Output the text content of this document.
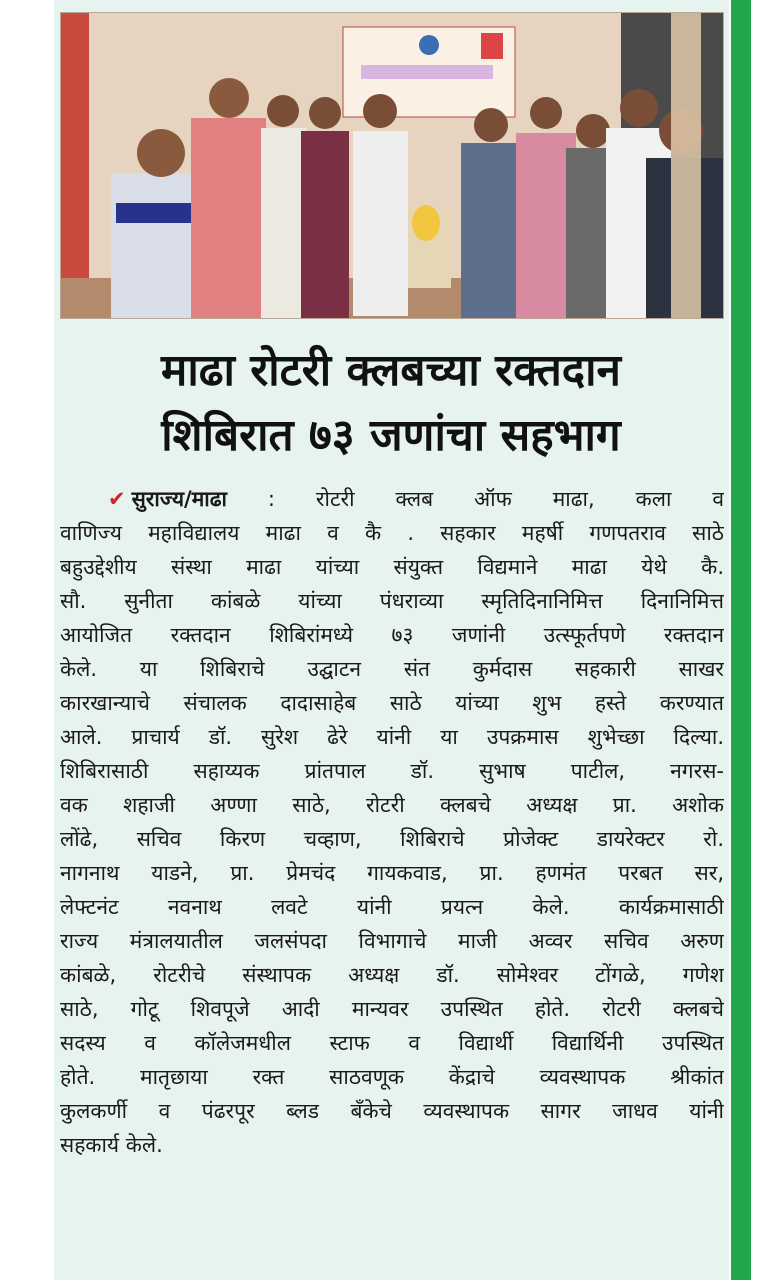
माढा रोटरी क्लबच्या रक्तदान
शिबिरात ७३ जणांचा सहभाग
✔ सुराज्य/माढा : रोटरी क्लब ऑफ माढा, कला व
वाणिज्य महाविद्यालय माढा व कै . सहकार महर्षी गणपतराव साठे
बहुउद्देशीय संस्था माढा यांच्या संयुक्त विद्यमाने माढा येथे कै.
सौ. सुनीता कांबळे यांच्या पंधराव्या स्मृतिदिनानिमित्त दिनानिमित्त
आयोजित रक्तदान शिबिरांमध्ये ७३ जणांनी उत्स्फूर्तपणे रक्तदान
केले. या शिबिराचे उद्घाटन संत कुर्मदास सहकारी साखर
कारखान्याचे संचालक दादासाहेब साठे यांच्या शुभ हस्ते करण्यात
आले. प्राचार्य डॉ. सुरेश ढेरे यांनी या उपक्रमास शुभेच्छा दिल्या.
शिबिरासाठी सहाय्यक प्रांतपाल डॉ. सुभाष पाटील, नगरस-
वक शहाजी अण्णा साठे, रोटरी क्लबचे अध्यक्ष प्रा. अशोक
लोंढे, सचिव किरण चव्हाण, शिबिराचे प्रोजेक्ट डायरेक्टर रो.
नागनाथ याडने, प्रा. प्रेमचंद गायकवाड, प्रा. हणमंत परबत सर,
लेफ्टनंट नवनाथ लवटे यांनी प्रयत्न केले. कार्यक्रमासाठी
राज्य मंत्रालयातील जलसंपदा विभागाचे माजी अव्वर सचिव अरुण
कांबळे, रोटरीचे संस्थापक अध्यक्ष डॉ. सोमेश्वर टोंगळे, गणेश
साठे, गोटू शिवपूजे आदी मान्यवर उपस्थित होते. रोटरी क्लबचे
सदस्य व कॉलेजमधील स्टाफ व विद्यार्थी विद्यार्थिनी उपस्थित
होते. मातृछाया रक्त साठवणूक केंद्राचे व्यवस्थापक श्रीकांत
कुलकर्णी व पंढरपूर ब्लड बँकेचे व्यवस्थापक सागर जाधव यांनी
सहकार्य केले.
